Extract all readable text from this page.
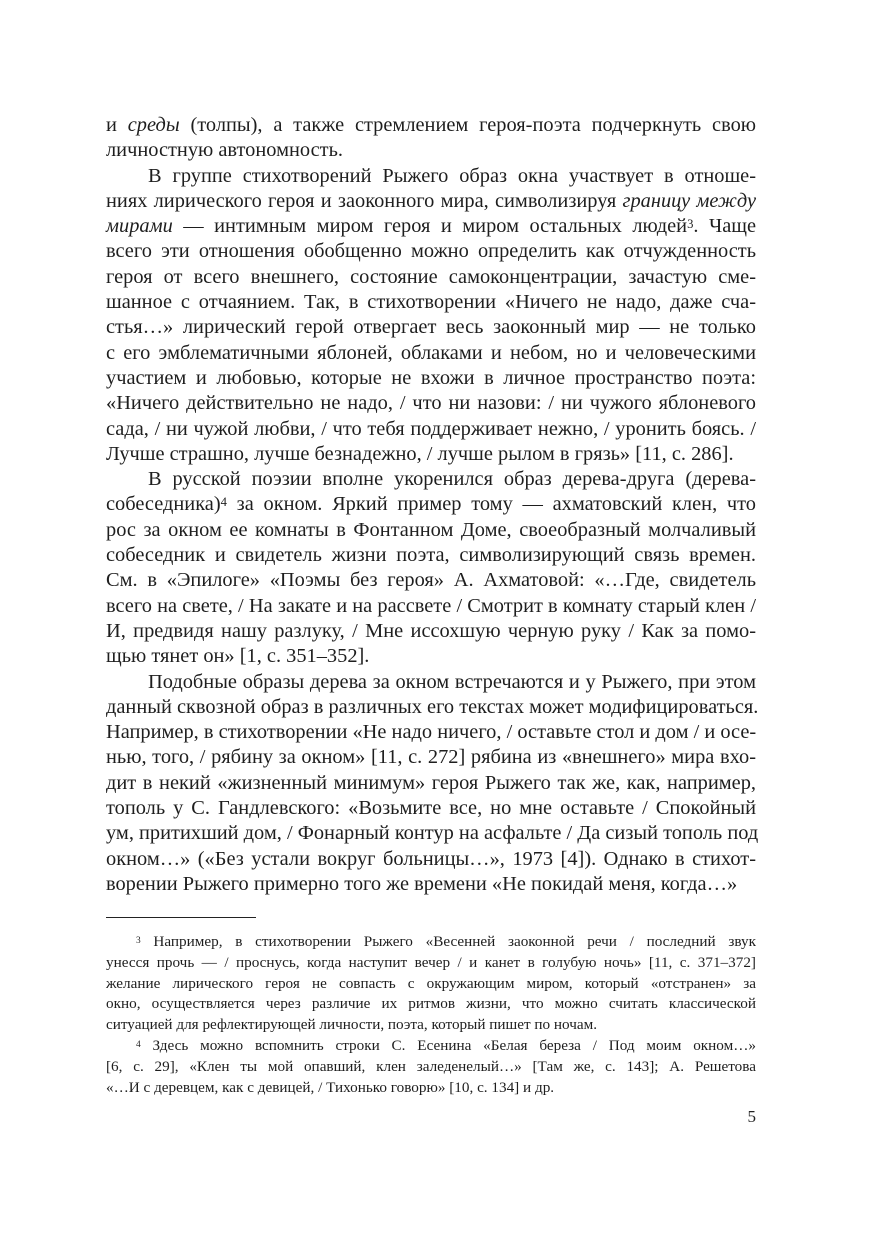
и среды (толпы), а также стремлением героя-поэта подчеркнуть свою
личностную автономность.

В группе стихотворений Рыжего образ окна участвует в отноше-
ниях лирического героя и заоконного мира, символизируя границу между
мирами — интимным миром героя и миром остальных людей$^3$. Чаще
всего эти отношения обобщенно можно определить как отчужденность
героя от всего внешнего, состояние самоконцентрации, зачастую сме-
шанное с отчаянием. Так, в стихотворении «Ничего не надо, даже сча-
стья…» лирический герой отвергает весь заоконный мир — не только
с его эмблематичными яблоней, облаками и небом, но и человеческими
участием и любовью, которые не вхожи в личное пространство поэта:
«Ничего действительно не надо, / что ни назови: / ни чужого яблоневого
сада, / ни чужой любви, / что тебя поддерживает нежно, / уронить боясь. /
Лучше страшно, лучше безнадежно, / лучше рылом в грязь» [11, с. 286].

В русской поэзии вполне укоренился образ дерева-друга (дерева-
собеседника)$^4$ за окном. Яркий пример тому — ахматовский клен, что
рос за окном ее комнаты в Фонтанном Доме, своеобразный молчаливый
собеседник и свидетель жизни поэта, символизирующий связь времен.
См. в «Эпилоге» «Поэмы без героя» А. Ахматовой: «…Где, свидетель
всего на свете, / На закате и на рассвете / Смотрит в комнату старый клен /
И, предвидя нашу разлуку, / Мне иссохшую черную руку / Как за помо-
щью тянет он» [1, с. 351–352].

Подобные образы дерева за окном встречаются и у Рыжего, при этом
данный сквозной образ в различных его текстах может модифицироваться.
Например, в стихотворении «Не надо ничего, / оставьте стол и дом / и осе-
нью, того, / рябину за окном» [11, с. 272] рябина из «внешнего» мира вхо-
дит в некий «жизненный минимум» героя Рыжего так же, как, например,
тополь у С. Гандлевского: «Возьмите все, но мне оставьте / Спокойный
ум, притихший дом, / Фонарный контур на асфальте / Да сизый тополь под
окном…» («Без устали вокруг больницы…», 1973 [4]). Однако в стихот-
ворении Рыжего примерно того же времени «Не покидай меня, когда…»

$^3$ Например, в стихотворении Рыжего «Весенней заоконной речи / последний звук
унесся прочь — / проснусь, когда наступит вечер / и канет в голубую ночь» [11, с. 371–372]
желание лирического героя не совпасть с окружающим миром, который «отстранен» за
окно, осуществляется через различие их ритмов жизни, что можно считать классической
ситуацией для рефлектирующей личности, поэта, который пишет по ночам.

$^4$ Здесь можно вспомнить строки С. Есенина «Белая береза / Под моим окном…»
[6, с. 29], «Клен ты мой опавший, клен заледенелый…» [Там же, с. 143]; А. Решетова
«…И с деревцем, как с девицей, / Тихонько говорю» [10, с. 134] и др.

5
